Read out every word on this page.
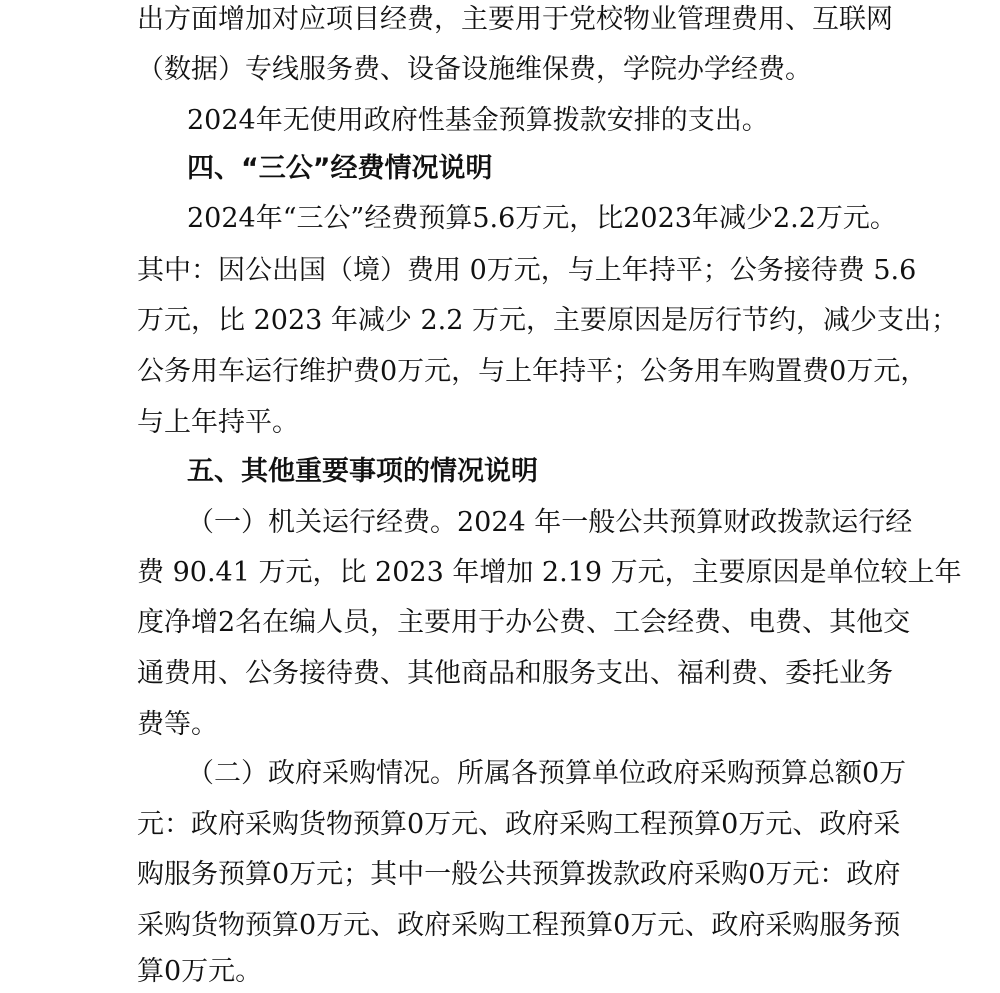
出方面增加对应项目经费，主要用于党校物业管理费用、互联网
（数据）专线服务费、设备设施维保费，学院办学经费。
2024年无使用政府性基金预算拨款安排的支出。
四、“三公”经费情况说明
2024年“三公”经费预算5.6万元，比2023年减少2.2万元。
其中：因公出国（境）费用 0万元，与上年持平；公务接待费 5.6
万元，比 2023 年减少 2.2 万元，主要原因是厉行节约，减少支出；
公务用车运行维护费0万元，与上年持平；公务用车购置费0万元，
与上年持平。
五、其他重要事项的情况说明
（一）机关运行经费。2024 年一般公共预算财政拨款运行经
费 90.41 万元，比 2023 年增加 2.19 万元，主要原因是单位较上年
度净增2名在编人员，主要用于办公费、工会经费、电费、其他交
通费用、公务接待费、其他商品和服务支出、福利费、委托业务
费等。
（二）政府采购情况。所属各预算单位政府采购预算总额0万
元：政府采购货物预算0万元、政府采购工程预算0万元、政府采
购服务预算0万元；其中一般公共预算拨款政府采购0万元：政府
采购货物预算0万元、政府采购工程预算0万元、政府采购服务预
算0万元。
